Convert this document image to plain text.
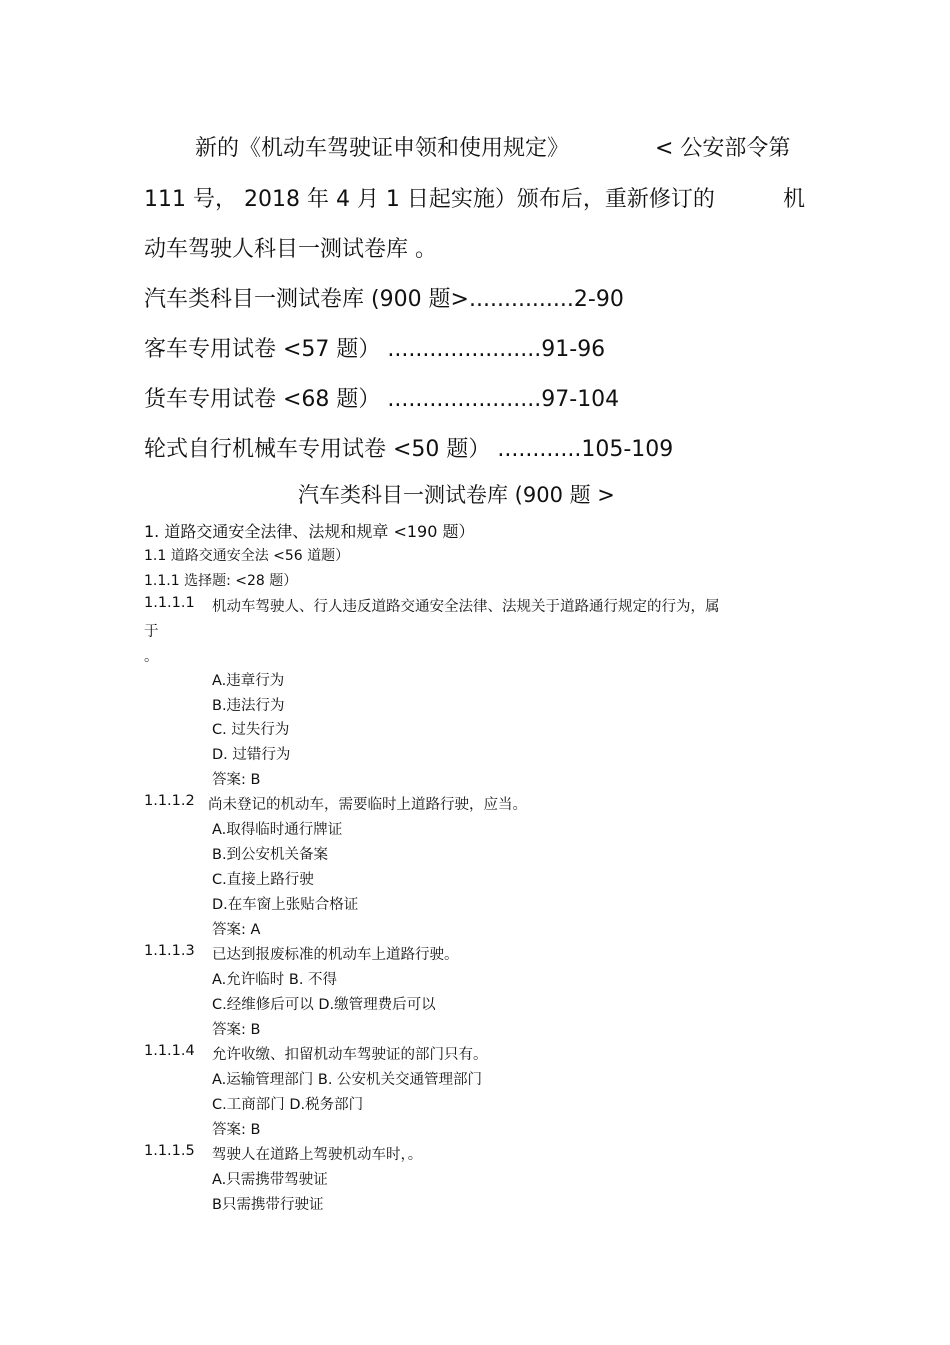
新的《机动车驾驶证申领和使用规定》	< 公安部令第
111 号， 2018 年 4 月 1 日起实施）颁布后，重新修订的	机
动车驾驶人科目一测试卷库 。
汽车类科目一测试卷库 (900 题>...............2-90
客车专用试卷 <57 题） ......................91-96
货车专用试卷 <68 题） ......................97-104
轮式自行机械车专用试卷 <50 题） ............105-109
汽车类科目一测试卷库 (900 题 >
1. 道路交通安全法律、法规和规章 <190 题）
1.1 道路交通安全法 <56 道题）
1.1.1 选择题: <28 题）
1.1.1.1 机动车驾驶人、行人违反道路交通安全法律、法规关于道路通行规定的行为，属
于
。
A.违章行为
B.违法行为
C. 过失行为
D. 过错行为
答案: B
1.1.1.2 尚未登记的机动车，需要临时上道路行驶，应当。
A.取得临时通行牌证
B.到公安机关备案
C.直接上路行驶
D.在车窗上张贴合格证
答案: A
1.1.1.3 已达到报废标准的机动车上道路行驶。
A.允许临时 B. 不得
C.经维修后可以 D.缴管理费后可以
答案: B
1.1.1.4 允许收缴、扣留机动车驾驶证的部门只有。
A.运输管理部门 B. 公安机关交通管理部门
C.工商部门 D.税务部门
答案: B
1.1.1.5 驾驶人在道路上驾驶机动车时，。
A.只需携带驾驶证
B只需携带行驶证
